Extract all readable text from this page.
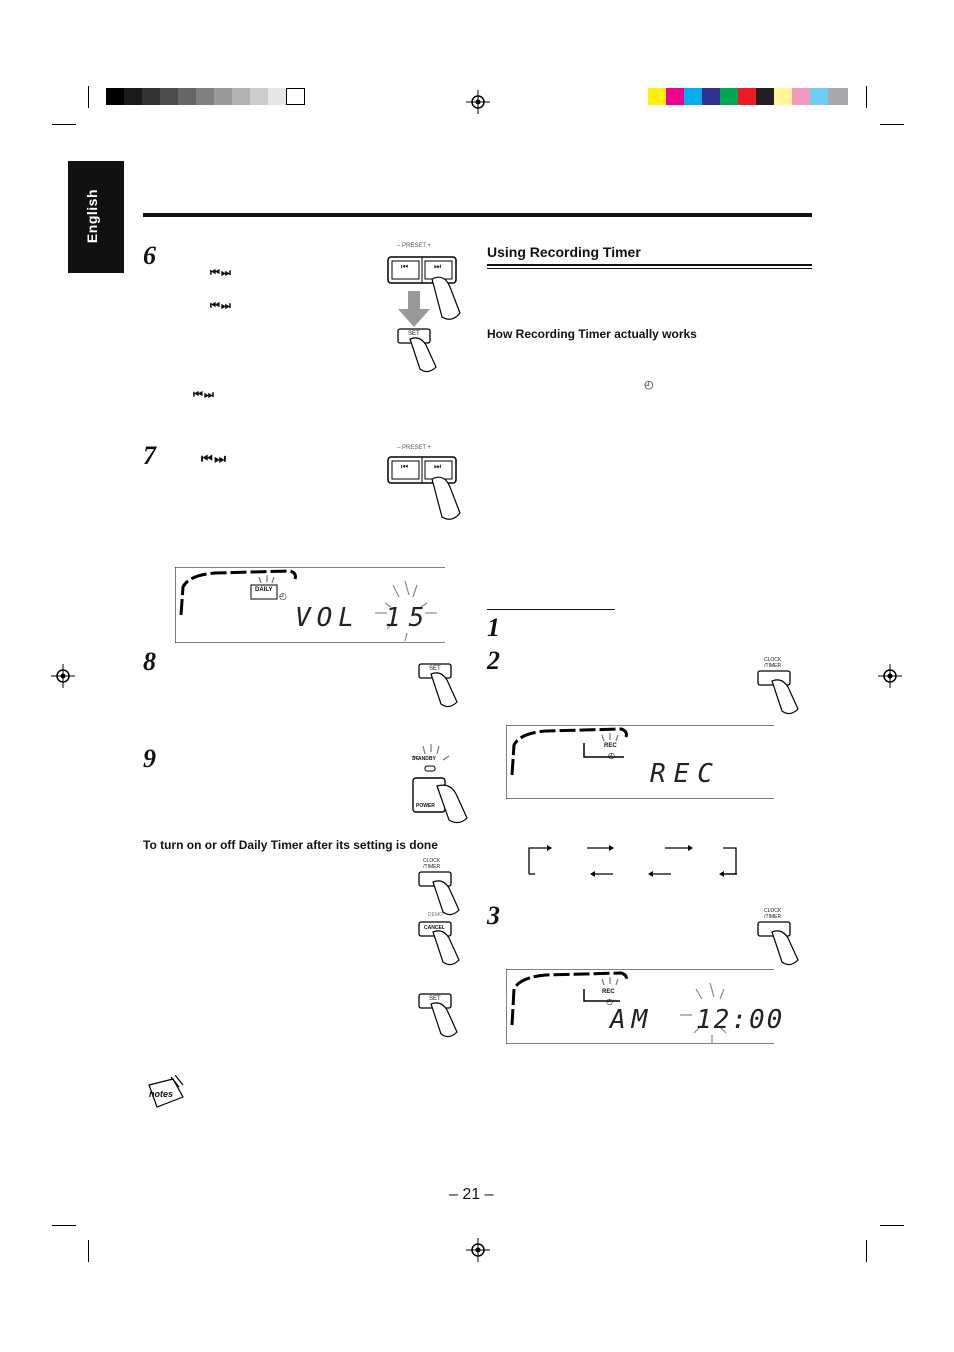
English
6
⏮ ⏭
⏮ ⏭
⏮ ⏭
– PRESET +
SET
⏮	⏭
7	⏮ ⏭
– PRESET +
⏮	⏭
DAILY
◴
VOL 15
8	SET
9	STANDBY
POWER
To turn on or off Daily Timer after its setting is done
CLOCK
/TIMER
DEMO
CANCEL
SET
notes
Using Recording Timer
How Recording Timer actually works
◴
1
2	CLOCK
/TIMER
REC
◴
REC
3	CLOCK
/TIMER
REC
◴
AM 12:00
– 21 –
